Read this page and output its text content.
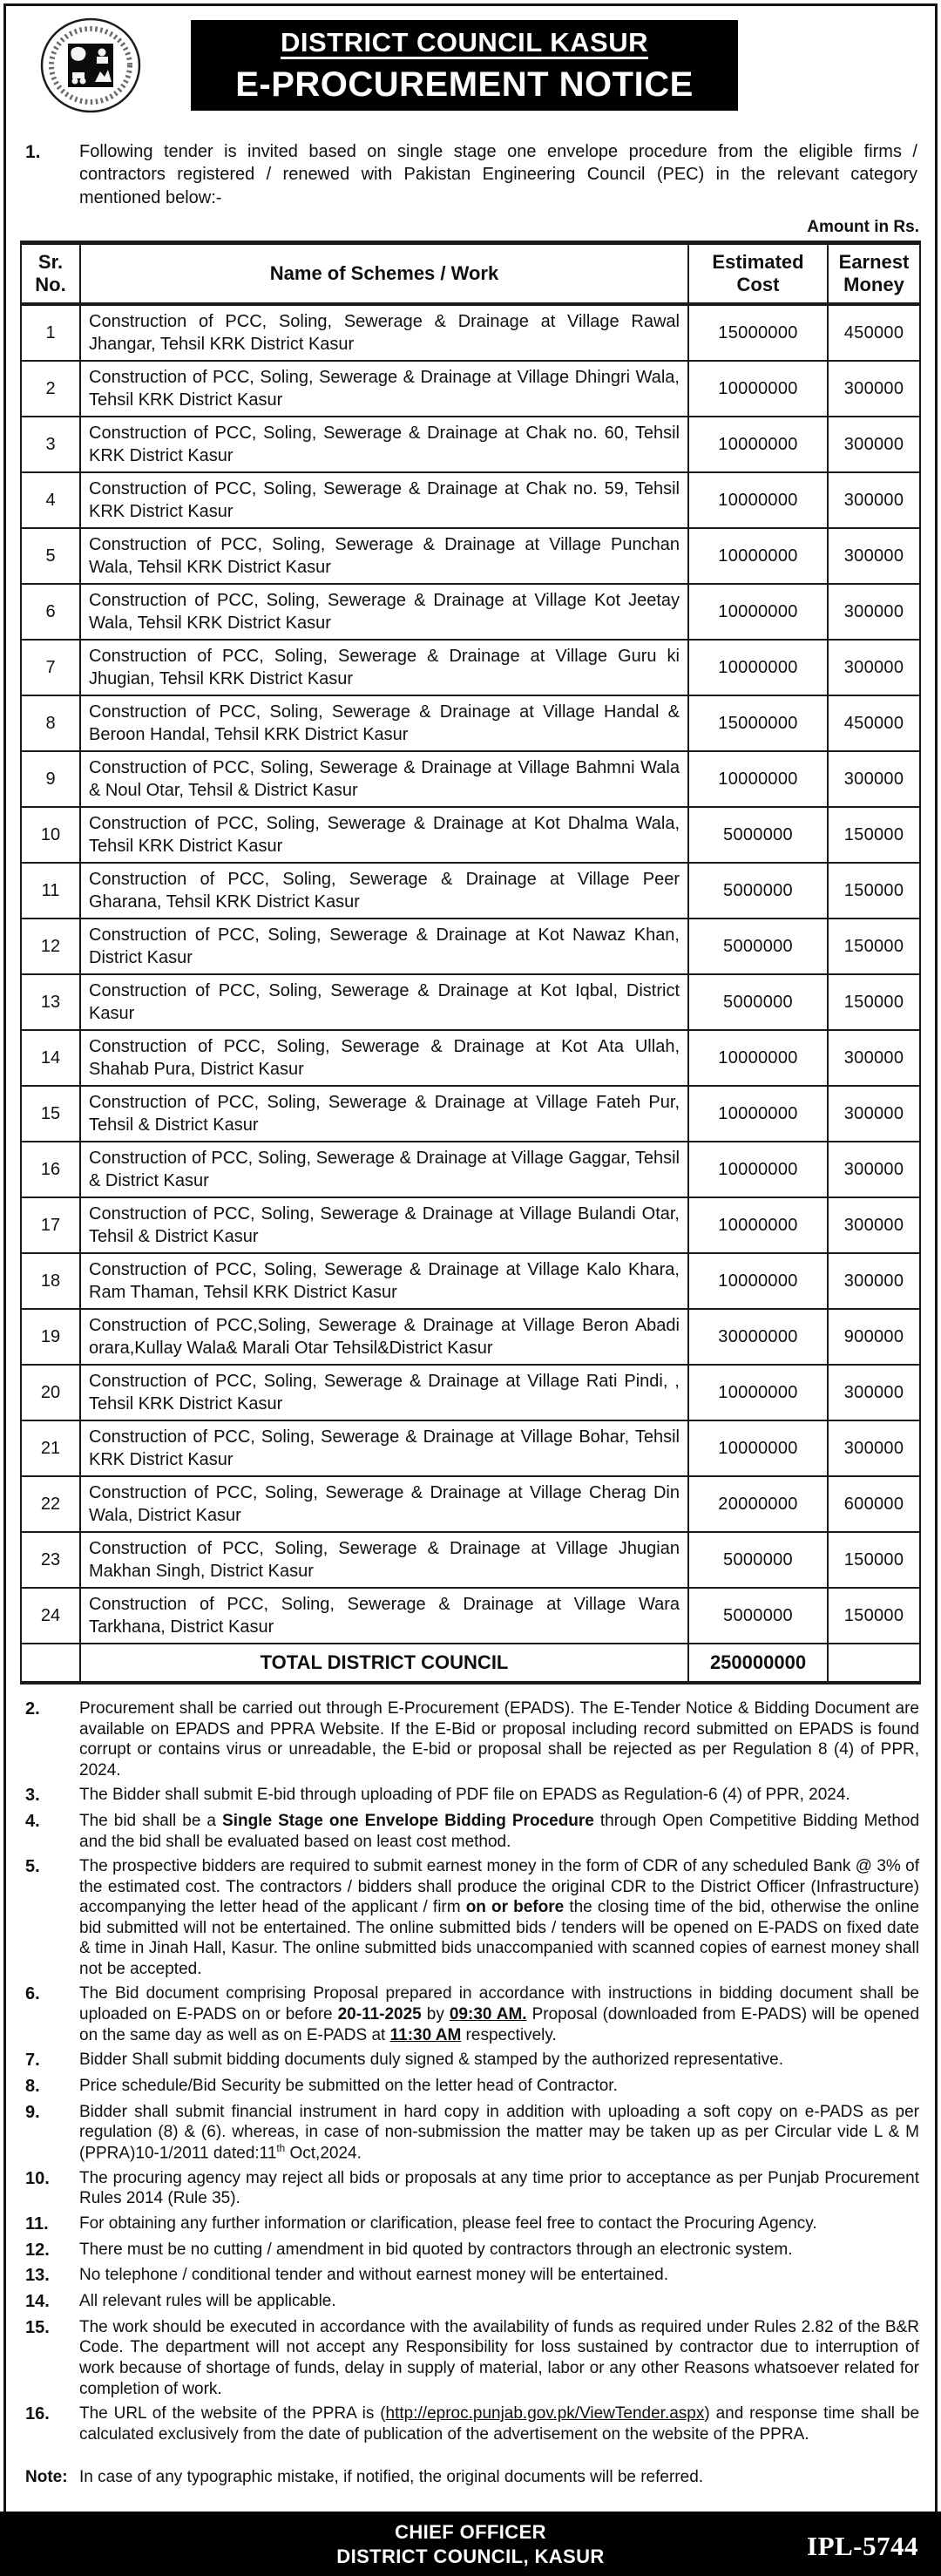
DISTRICT COUNCIL KASUR
E-PROCUREMENT NOTICE
1.	Following tender is invited based on single stage one envelope procedure from the eligible firms / contractors registered / renewed with Pakistan Engineering Council (PEC) in the relevant category mentioned below:-
Amount in Rs.
Sr. No.	Name of Schemes / Work	Estimated Cost	Earnest Money
1	Construction of PCC, Soling, Sewerage & Drainage at Village Rawal Jhangar, Tehsil KRK District Kasur	15000000	450000
2	Construction of PCC, Soling, Sewerage & Drainage at Village Dhingri Wala, Tehsil KRK District Kasur	10000000	300000
3	Construction of PCC, Soling, Sewerage & Drainage at Chak no. 60, Tehsil KRK District Kasur	10000000	300000
4	Construction of PCC, Soling, Sewerage & Drainage at Chak no. 59, Tehsil KRK District Kasur	10000000	300000
5	Construction of PCC, Soling, Sewerage & Drainage at Village Punchan Wala, Tehsil KRK District Kasur	10000000	300000
6	Construction of PCC, Soling, Sewerage & Drainage at Village Kot Jeetay Wala, Tehsil KRK District Kasur	10000000	300000
7	Construction of PCC, Soling, Sewerage & Drainage at Village Guru ki Jhugian, Tehsil KRK District Kasur	10000000	300000
8	Construction of PCC, Soling, Sewerage & Drainage at Village Handal & Beroon Handal, Tehsil KRK District Kasur	15000000	450000
9	Construction of PCC, Soling, Sewerage & Drainage at Village Bahmni Wala & Noul Otar, Tehsil & District Kasur	10000000	300000
10	Construction of PCC, Soling, Sewerage & Drainage at Kot Dhalma Wala, Tehsil KRK District Kasur	5000000	150000
11	Construction of PCC, Soling, Sewerage & Drainage at Village Peer Gharana, Tehsil KRK District Kasur	5000000	150000
12	Construction of PCC, Soling, Sewerage & Drainage at Kot Nawaz Khan, District Kasur	5000000	150000
13	Construction of PCC, Soling, Sewerage & Drainage at Kot Iqbal, District Kasur	5000000	150000
14	Construction of PCC, Soling, Sewerage & Drainage at Kot Ata Ullah, Shahab Pura, District Kasur	10000000	300000
15	Construction of PCC, Soling, Sewerage & Drainage at Village Fateh Pur, Tehsil & District Kasur	10000000	300000
16	Construction of PCC, Soling, Sewerage & Drainage at Village Gaggar, Tehsil & District Kasur	10000000	300000
17	Construction of PCC, Soling, Sewerage & Drainage at Village Bulandi Otar, Tehsil & District Kasur	10000000	300000
18	Construction of PCC, Soling, Sewerage & Drainage at Village Kalo Khara, Ram Thaman, Tehsil KRK District Kasur	10000000	300000
19	Construction of PCC,Soling, Sewerage & Drainage at Village Beron Abadi orara,Kullay Wala& Marali Otar Tehsil&District Kasur	30000000	900000
20	Construction of PCC, Soling, Sewerage & Drainage at Village Rati Pindi, , Tehsil KRK District Kasur	10000000	300000
21	Construction of PCC, Soling, Sewerage & Drainage at Village Bohar, Tehsil KRK District Kasur	10000000	300000
22	Construction of PCC, Soling, Sewerage & Drainage at Village Cherag Din Wala, District Kasur	20000000	600000
23	Construction of PCC, Soling, Sewerage & Drainage at Village Jhugian Makhan Singh, District Kasur	5000000	150000
24	Construction of PCC, Soling, Sewerage & Drainage at Village Wara Tarkhana, District Kasur	5000000	150000
	TOTAL DISTRICT COUNCIL	250000000	
2.	Procurement shall be carried out through E-Procurement (EPADS). The E-Tender Notice & Bidding Document are available on EPADS and PPRA Website. If the E-Bid or proposal including record submitted on EPADS is found corrupt or contains virus or unreadable, the E-bid or proposal shall be rejected as per Regulation 8 (4) of PPR, 2024.
3.	The Bidder shall submit E-bid through uploading of PDF file on EPADS as Regulation-6 (4) of PPR, 2024.
4.	The bid shall be a Single Stage one Envelope Bidding Procedure through Open Competitive Bidding Method and the bid shall be evaluated based on least cost method.
5.	The prospective bidders are required to submit earnest money in the form of CDR of any scheduled Bank @ 3% of the estimated cost. The contractors / bidders shall produce the original CDR to the District Officer (Infrastructure) accompanying the letter head of the applicant / firm on or before the closing time of the bid, otherwise the online bid submitted will not be entertained. The online submitted bids / tenders will be opened on E-PADS on fixed date & time in Jinah Hall, Kasur. The online submitted bids unaccompanied with scanned copies of earnest money shall not be accepted.
6.	The Bid document comprising Proposal prepared in accordance with instructions in bidding document shall be uploaded on E-PADS on or before 20-11-2025 by 09:30 AM. Proposal (downloaded from E-PADS) will be opened on the same day as well as on E-PADS at 11:30 AM respectively.
7.	Bidder Shall submit bidding documents duly signed & stamped by the authorized representative.
8.	Price schedule/Bid Security be submitted on the letter head of Contractor.
9.	Bidder shall submit financial instrument in hard copy in addition with uploading a soft copy on e-PADS as per regulation (8) & (6). whereas, in case of non-submission the matter may be taken up as per Circular vide L & M (PPRA)10-1/2011 dated:11th Oct,2024.
10.	The procuring agency may reject all bids or proposals at any time prior to acceptance as per Punjab Procurement Rules 2014 (Rule 35).
11.	For obtaining any further information or clarification, please feel free to contact the Procuring Agency.
12.	There must be no cutting / amendment in bid quoted by contractors through an electronic system.
13.	No telephone / conditional tender and without earnest money will be entertained.
14.	All relevant rules will be applicable.
15.	The work should be executed in accordance with the availability of funds as required under Rules 2.82 of the B&R Code. The department will not accept any Responsibility for loss sustained by contractor due to interruption of work because of shortage of funds, delay in supply of material, labor or any other Reasons whatsoever related for completion of work.
16.	The URL of the website of the PPRA is (http://eproc.punjab.gov.pk/ViewTender.aspx) and response time shall be calculated exclusively from the date of publication of the advertisement on the website of the PPRA.
Note: In case of any typographic mistake, if notified, the original documents will be referred.
CHIEF OFFICER
DISTRICT COUNCIL, KASUR	IPL-5744
